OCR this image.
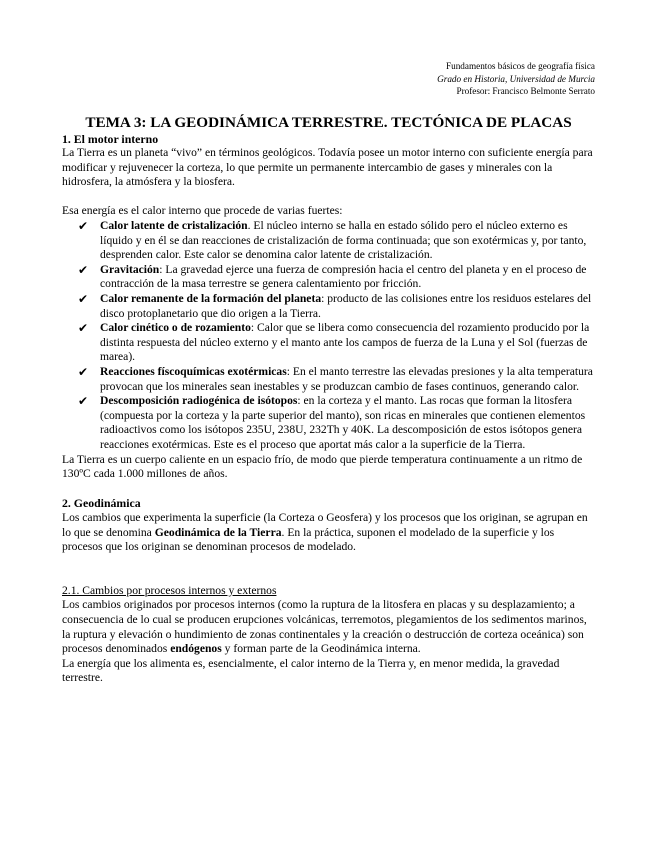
Fundamentos básicos de geografía física
Grado en Historia, Universidad de Murcia
Profesor: Francisco Belmonte Serrato
TEMA 3: LA GEODINÁMICA TERRESTRE. TECTÓNICA DE PLACAS
1. El motor interno

La Tierra es un planeta “vivo” en términos geológicos. Todavía posee un motor interno con suficiente energía para modificar y rejuvenecer la corteza, lo que permite un permanente intercambio de gases y minerales con la hidrosfera, la atmósfera y la biosfera.

Esa energía es el calor interno que procede de varias fuertes:

✔ Calor latente de cristalización. El núcleo interno se halla en estado sólido pero el núcleo externo es líquido y en él se dan reacciones de cristalización de forma continuada; que son exotérmicas y, por tanto, desprenden calor. Este calor se denomina calor latente de cristalización.
✔ Gravitación: La gravedad ejerce una fuerza de compresión hacia el centro del planeta y en el proceso de contracción de la masa terrestre se genera calentamiento por fricción.
✔ Calor remanente de la formación del planeta: producto de las colisiones entre los residuos estelares del disco protoplanetario que dio origen a la Tierra.
✔ Calor cinético o de rozamiento: Calor que se libera como consecuencia del rozamiento producido por la distinta respuesta del núcleo externo y el manto ante los campos de fuerza de la Luna y el Sol (fuerzas de marea).
✔ Reacciones físcoquímicas exotérmicas: En el manto terrestre las elevadas presiones y la alta temperatura provocan que los minerales sean inestables y se produzcan cambio de fases continuos, generando calor.
✔ Descomposición radiogénica de isótopos: en la corteza y el manto. Las rocas que forman la litosfera (compuesta por la corteza y la parte superior del manto), son ricas en minerales que contienen elementos radioactivos como los isótopos 235U, 238U, 232Th y 40K. La descomposición de estos isótopos genera reacciones exotérmicas. Este es el proceso que aportat más calor a la superficie de la Tierra.

La Tierra es un cuerpo caliente en un espacio frío, de modo que pierde temperatura continuamente a un ritmo de 130ºC cada 1.000 millones de años.

2. Geodinámica

Los cambios que experimenta la superficie (la Corteza o Geosfera) y los procesos que los originan, se agrupan en lo que se denomina Geodinámica de la Tierra. En la práctica, suponen el modelado de la superficie y los procesos que los originan se denominan procesos de modelado.

2.1. Cambios por procesos internos y externos

Los cambios originados por procesos internos (como la ruptura de la litosfera en placas y su desplazamiento; a consecuencia de lo cual se producen erupciones volcánicas, terremotos, plegamientos de los sedimentos marinos, la ruptura y elevación o hundimiento de zonas continentales y la creación o destrucción de corteza oceánica) son procesos denominados endógenos y forman parte de la Geodinámica interna.

La energía que los alimenta es, esencialmente, el calor interno de la Tierra y, en menor medida, la gravedad terrestre.
